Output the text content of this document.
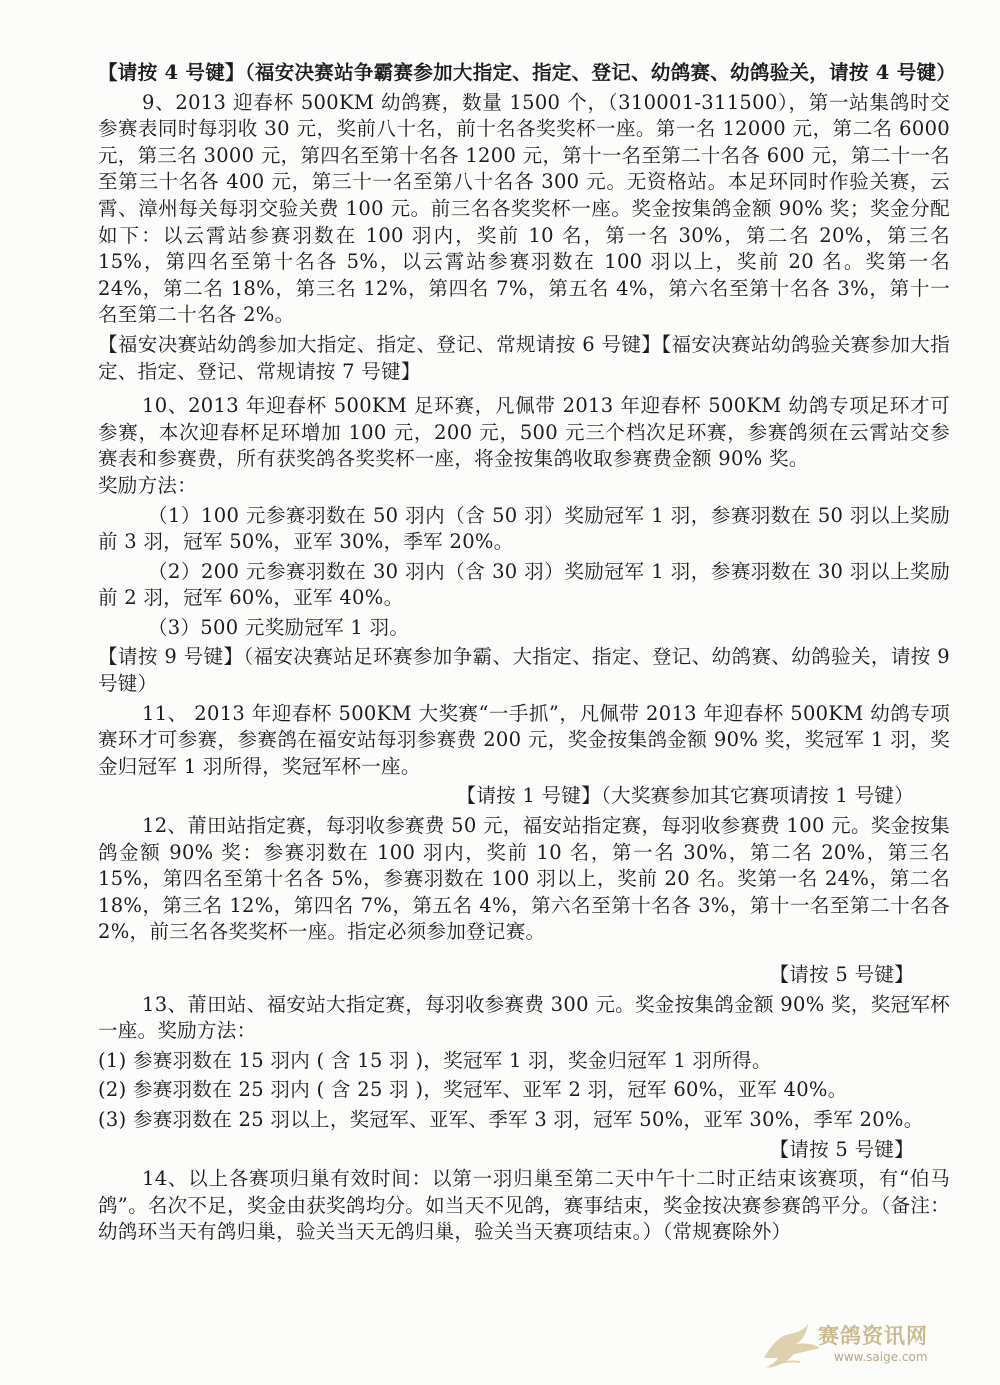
【请按 4 号键】（福安决赛站争霸赛参加大指定、指定、登记、幼鸽赛、幼鸽验关，请按 4 号键）

9、2013 迎春杯 500KM 幼鸽赛，数量 1500 个，（310001-311500），第一站集鸽时交参赛表同时每羽收 30 元，奖前八十名，前十名各奖奖杯一座。第一名 12000 元，第二名 6000 元，第三名 3000 元，第四名至第十名各 1200 元，第十一名至第二十名各 600 元，第二十一名至第三十名各 400 元，第三十一名至第八十名各 300 元。无资格站。本足环同时作验关赛，云霄、漳州每关每羽交验关费 100 元。前三名各奖奖杯一座。奖金按集鸽金额 90% 奖；奖金分配如下：以云霄站参赛羽数在 100 羽内，奖前 10 名，第一名 30%，第二名 20%，第三名 15%，第四名至第十名各 5%，以云霄站参赛羽数在 100 羽以上，奖前 20 名。奖第一名 24%，第二名 18%，第三名 12%，第四名 7%，第五名 4%，第六名至第十名各 3%，第十一名至第二十名各 2%。

【福安决赛站幼鸽参加大指定、指定、登记、常规请按 6 号键】【福安决赛站幼鸽验关赛参加大指定、指定、登记、常规请按 7 号键】

10、2013 年迎春杯 500KM 足环赛，凡佩带 2013 年迎春杯 500KM 幼鸽专项足环才可参赛，本次迎春杯足环增加 100 元，200 元，500 元三个档次足环赛，参赛鸽须在云霄站交参赛表和参赛费，所有获奖鸽各奖奖杯一座，将金按集鸽收取参赛费金额 90% 奖。

奖励方法：

（1）100 元参赛羽数在 50 羽内（含 50 羽）奖励冠军 1 羽，参赛羽数在 50 羽以上奖励前 3 羽，冠军 50%，亚军 30%，季军 20%。

（2）200 元参赛羽数在 30 羽内（含 30 羽）奖励冠军 1 羽，参赛羽数在 30 羽以上奖励前 2 羽，冠军 60%，亚军 40%。

（3）500 元奖励冠军 1 羽。

【请按 9 号键】（福安决赛站足环赛参加争霸、大指定、指定、登记、幼鸽赛、幼鸽验关，请按 9 号键）

11、 2013 年迎春杯 500KM 大奖赛“一手抓”，凡佩带 2013 年迎春杯 500KM 幼鸽专项赛环才可参赛，参赛鸽在福安站每羽参赛费 200 元，奖金按集鸽金额 90% 奖，奖冠军 1 羽，奖金归冠军 1 羽所得，奖冠军杯一座。

【请按 1 号键】（大奖赛参加其它赛项请按 1 号键）

12、莆田站指定赛，每羽收参赛费 50 元，福安站指定赛，每羽收参赛费 100 元。奖金按集鸽金额 90% 奖：参赛羽数在 100 羽内，奖前 10 名，第一名 30%，第二名 20%，第三名 15%，第四名至第十名各 5%，参赛羽数在 100 羽以上，奖前 20 名。奖第一名 24%，第二名 18%，第三名 12%，第四名 7%，第五名 4%，第六名至第十名各 3%，第十一名至第二十名各 2%，前三名各奖奖杯一座。指定必须参加登记赛。

【请按 5 号键】

13、莆田站、福安站大指定赛，每羽收参赛费 300 元。奖金按集鸽金额 90% 奖，奖冠军杯一座。奖励方法：

(1) 参赛羽数在 15 羽内 ( 含 15 羽 )，奖冠军 1 羽，奖金归冠军 1 羽所得。

(2) 参赛羽数在 25 羽内 ( 含 25 羽 )，奖冠军、亚军 2 羽，冠军 60%，亚军 40%。

(3) 参赛羽数在 25 羽以上，奖冠军、亚军、季军 3 羽，冠军 50%，亚军 30%，季军 20%。

【请按 5 号键】

14、以上各赛项归巢有效时间：以第一羽归巢至第二天中午十二时正结束该赛项，有“伯马鸽”。名次不足，奖金由获奖鸽均分。如当天不见鸽，赛事结束，奖金按决赛参赛鸽平分。（备注：幼鸽环当天有鸽归巢，验关当天无鸽归巢，验关当天赛项结束。）（常规赛除外）

赛鸽资讯网
www.saige.com
